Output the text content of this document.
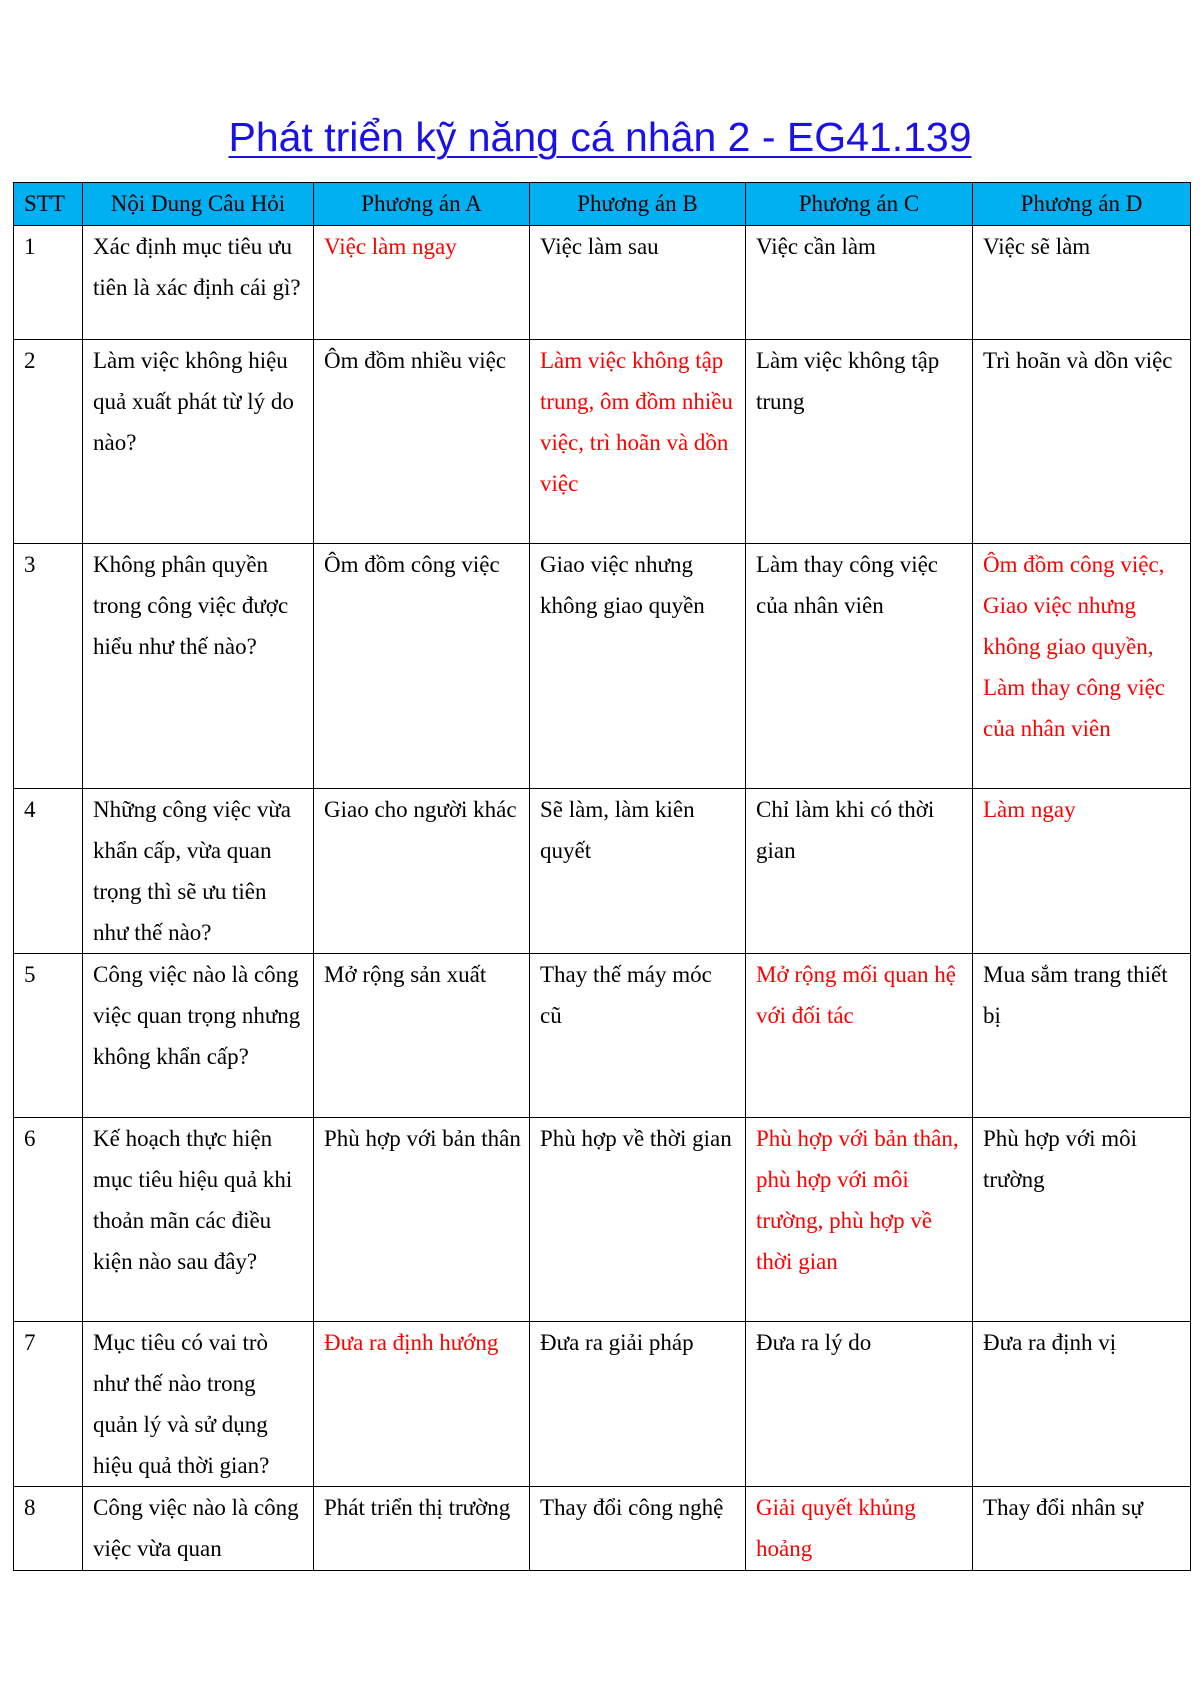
Phát triển kỹ năng cá nhân 2 - EG41.139
STT	Nội Dung Câu Hỏi	Phương án A	Phương án B	Phương án C	Phương án D
1	Xác định mục tiêu ưu tiên là xác định cái gì?	Việc làm ngay	Việc làm sau	Việc cần làm	Việc sẽ làm
2	Làm việc không hiệu quả xuất phát từ lý do nào?	Ôm đồm nhiều việc	Làm việc không tập trung, ôm đồm nhiều việc, trì hoãn và dồn việc	Làm việc không tập trung	Trì hoãn và dồn việc
3	Không phân quyền trong công việc được hiểu như thế nào?	Ôm đồm công việc	Giao việc nhưng không giao quyền	Làm thay công việc của nhân viên	Ôm đồm công việc, Giao việc nhưng không giao quyền, Làm thay công việc của nhân viên
4	Những công việc vừa khẩn cấp, vừa quan trọng thì sẽ ưu tiên như thế nào?	Giao cho người khác	Sẽ làm, làm kiên quyết	Chỉ làm khi có thời gian	Làm ngay
5	Công việc nào là công việc quan trọng nhưng không khẩn cấp?	Mở rộng sản xuất	Thay thế máy móc cũ	Mở rộng mối quan hệ với đối tác	Mua sắm trang thiết bị
6	Kế hoạch thực hiện mục tiêu hiệu quả khi thoản mãn các điều kiện nào sau đây?	Phù hợp với bản thân	Phù hợp về thời gian	Phù hợp với bản thân, phù hợp với môi trường, phù hợp về thời gian	Phù hợp với môi trường
7	Mục tiêu có vai trò như thế nào trong quản lý và sử dụng hiệu quả thời gian?	Đưa ra định hướng	Đưa ra giải pháp	Đưa ra lý do	Đưa ra định vị
8	Công việc nào là công việc vừa quan	Phát triển thị trường	Thay đổi công nghệ	Giải quyết khủng hoảng	Thay đổi nhân sự
